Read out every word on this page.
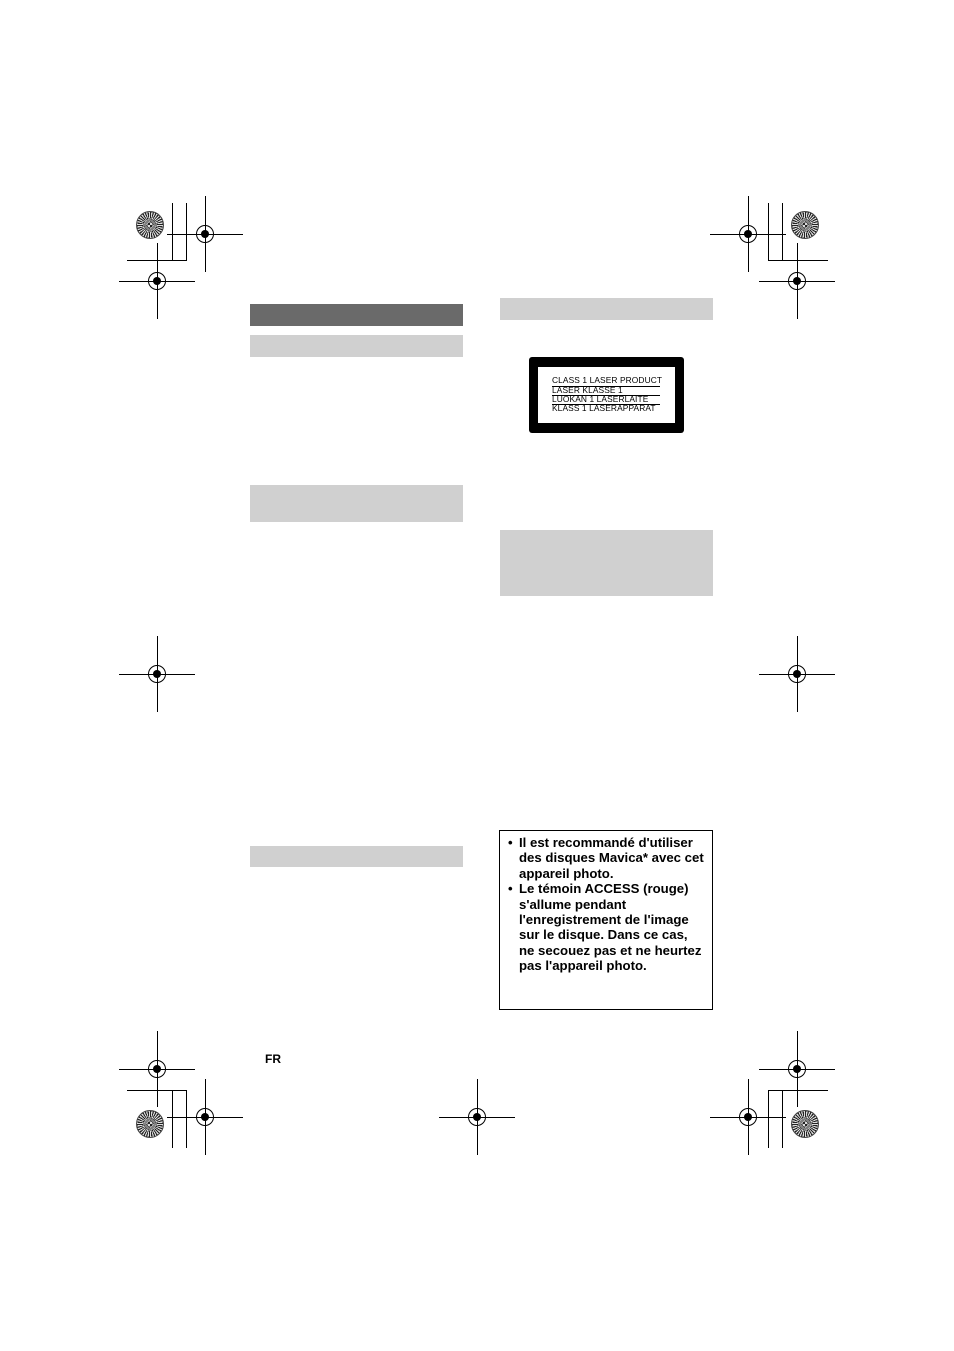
CLASS 1 LASER PRODUCT
LASER KLASSE 1
LUOKAN 1 LASERLAITE
KLASS 1 LASERAPPARAT
• Il est recommandé d'utiliser des disques Mavica* avec cet appareil photo.
• Le témoin ACCESS (rouge) s'allume pendant l'enregistrement de l'image sur le disque. Dans ce cas, ne secouez pas et ne heurtez pas l'appareil photo.
FR
